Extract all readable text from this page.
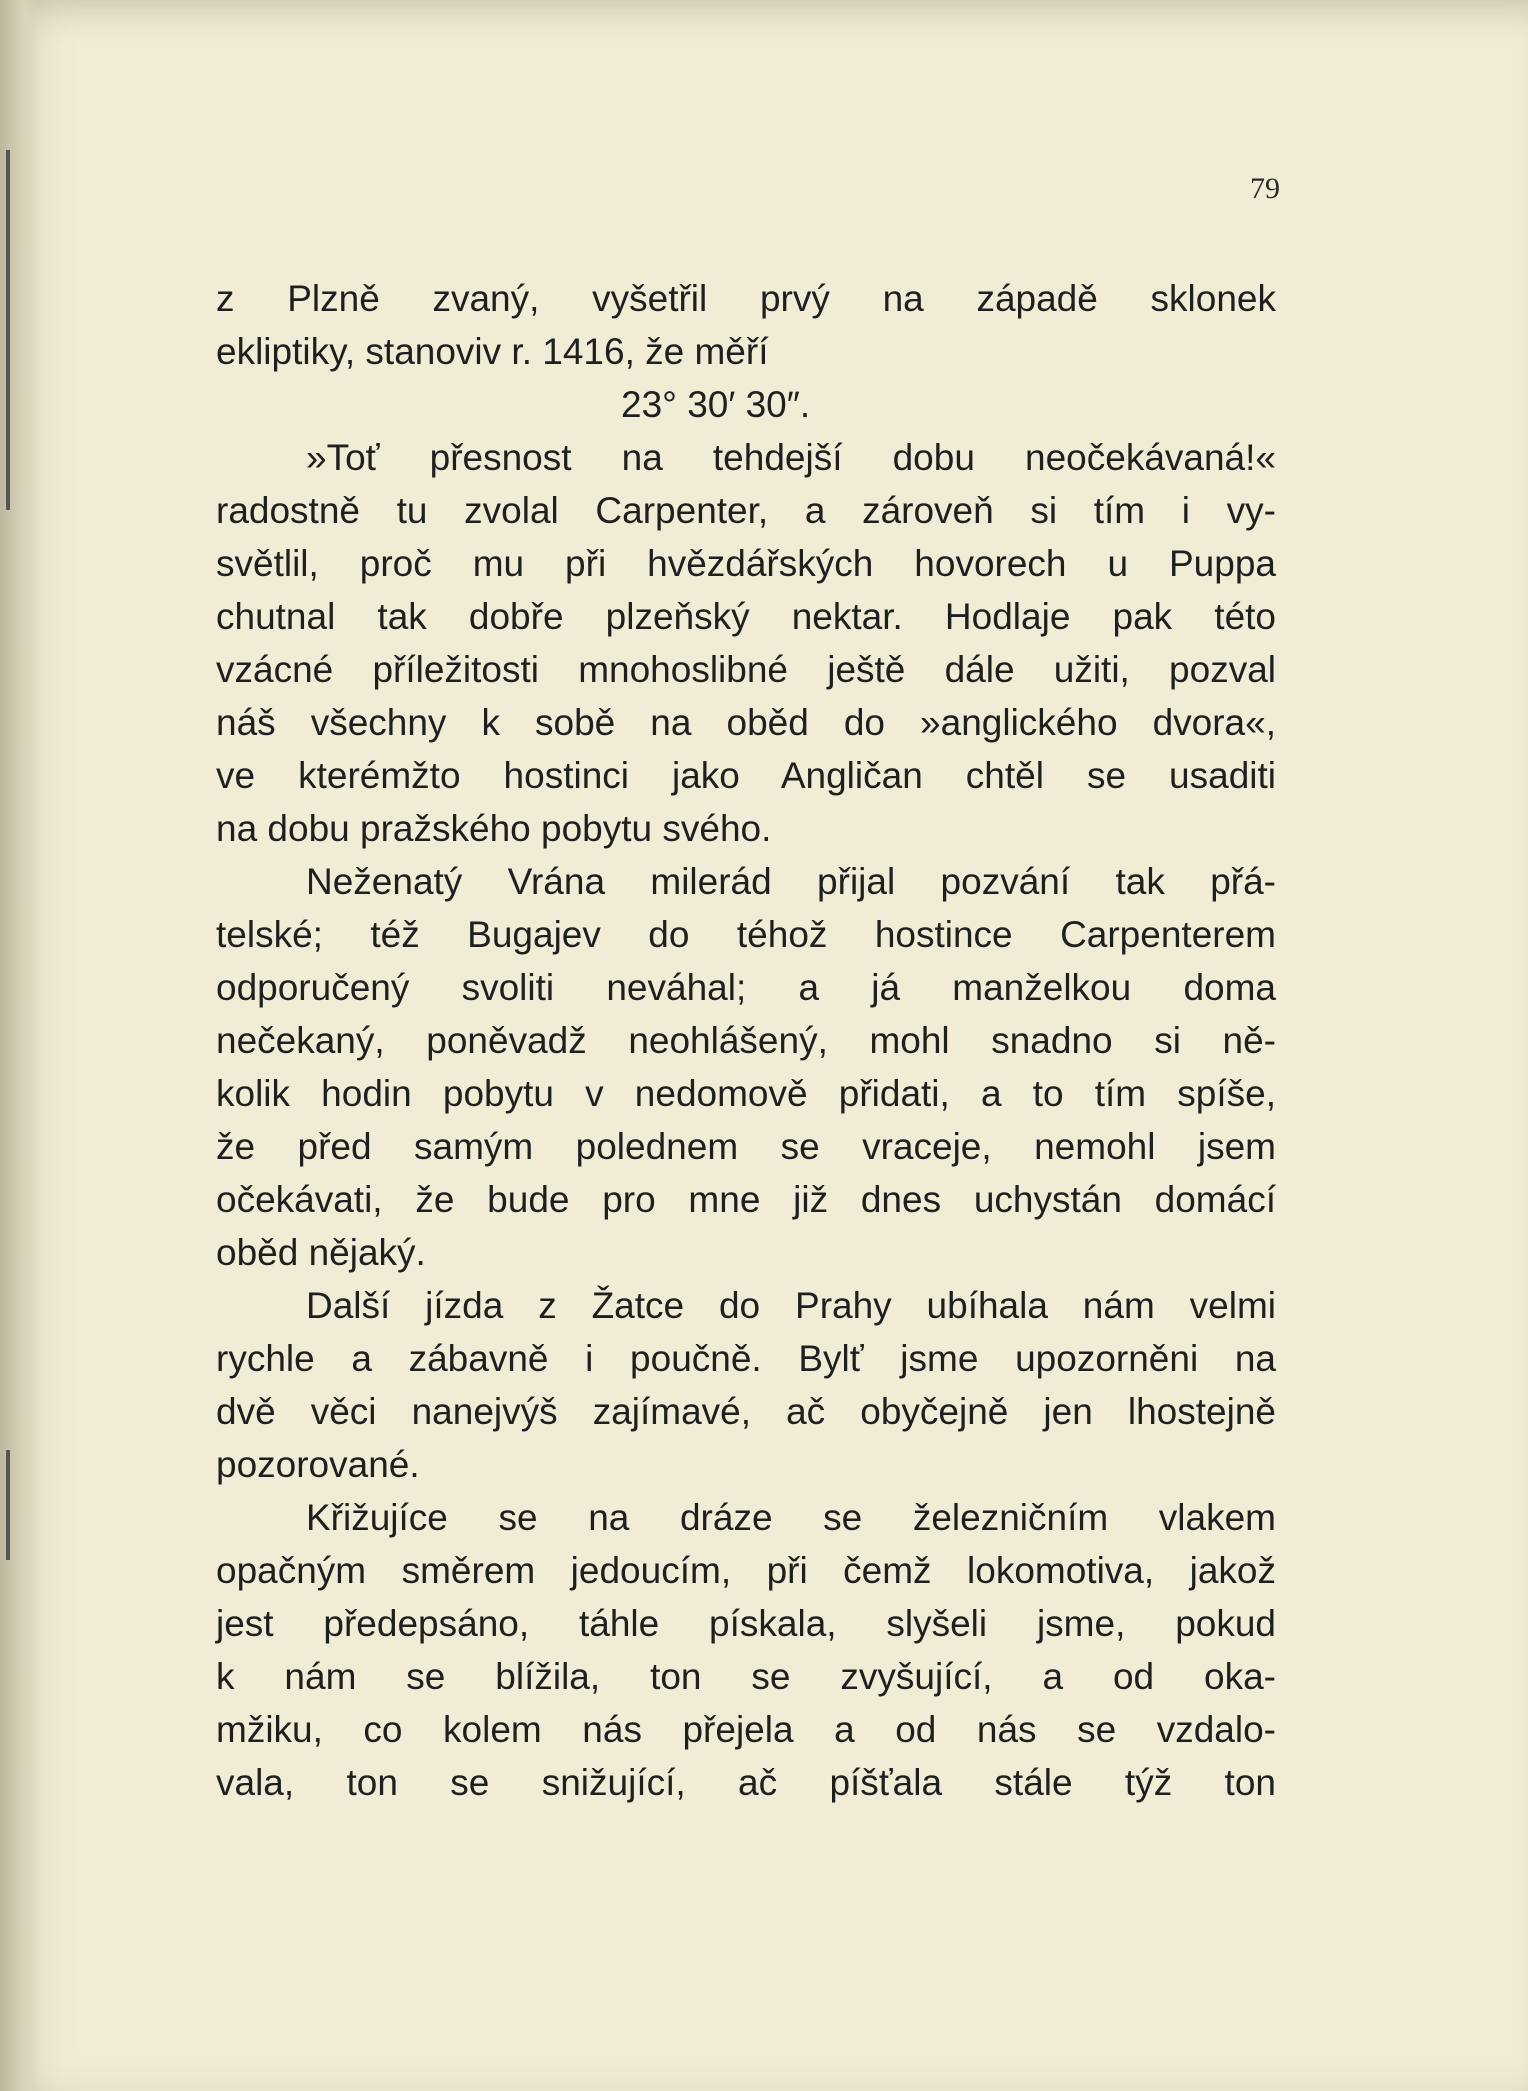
79
z Plzně zvaný, vyšetřil prvý na západě sklonek
ekliptiky, stanoviv r. 1416, že měří
23° 30′ 30″.
»Toť přesnost na tehdejší dobu neočekávaná!«
radostně tu zvolal Carpenter, a zároveň si tím i vy-
světlil, proč mu při hvězdářských hovorech u Puppa
chutnal tak dobře plzeňský nektar. Hodlaje pak této
vzácné příležitosti mnohoslibné ještě dále užiti, pozval
náš všechny k sobě na oběd do »anglického dvora«,
ve kterémžto hostinci jako Angličan chtěl se usaditi
na dobu pražského pobytu svého.
Neženatý Vrána milerád přijal pozvání tak přá-
telské; též Bugajev do téhož hostince Carpenterem
odporučený svoliti neváhal; a já manželkou doma
nečekaný, poněvadž neohlášený, mohl snadno si ně-
kolik hodin pobytu v nedomově přidati, a to tím spíše,
že před samým polednem se vraceje, nemohl jsem
očekávati, že bude pro mne již dnes uchystán domácí
oběd nějaký.
Další jízda z Žatce do Prahy ubíhala nám velmi
rychle a zábavně i poučně. Bylť jsme upozorněni na
dvě věci nanejvýš zajímavé, ač obyčejně jen lhostejně
pozorované.
Křižujíce se na dráze se železničním vlakem
opačným směrem jedoucím, při čemž lokomotiva, jakož
jest předepsáno, táhle pískala, slyšeli jsme, pokud
k nám se blížila, ton se zvyšující, a od oka-
mžiku, co kolem nás přejela a od nás se vzdalo-
vala, ton se snižující, ač píšťala stále týž ton
